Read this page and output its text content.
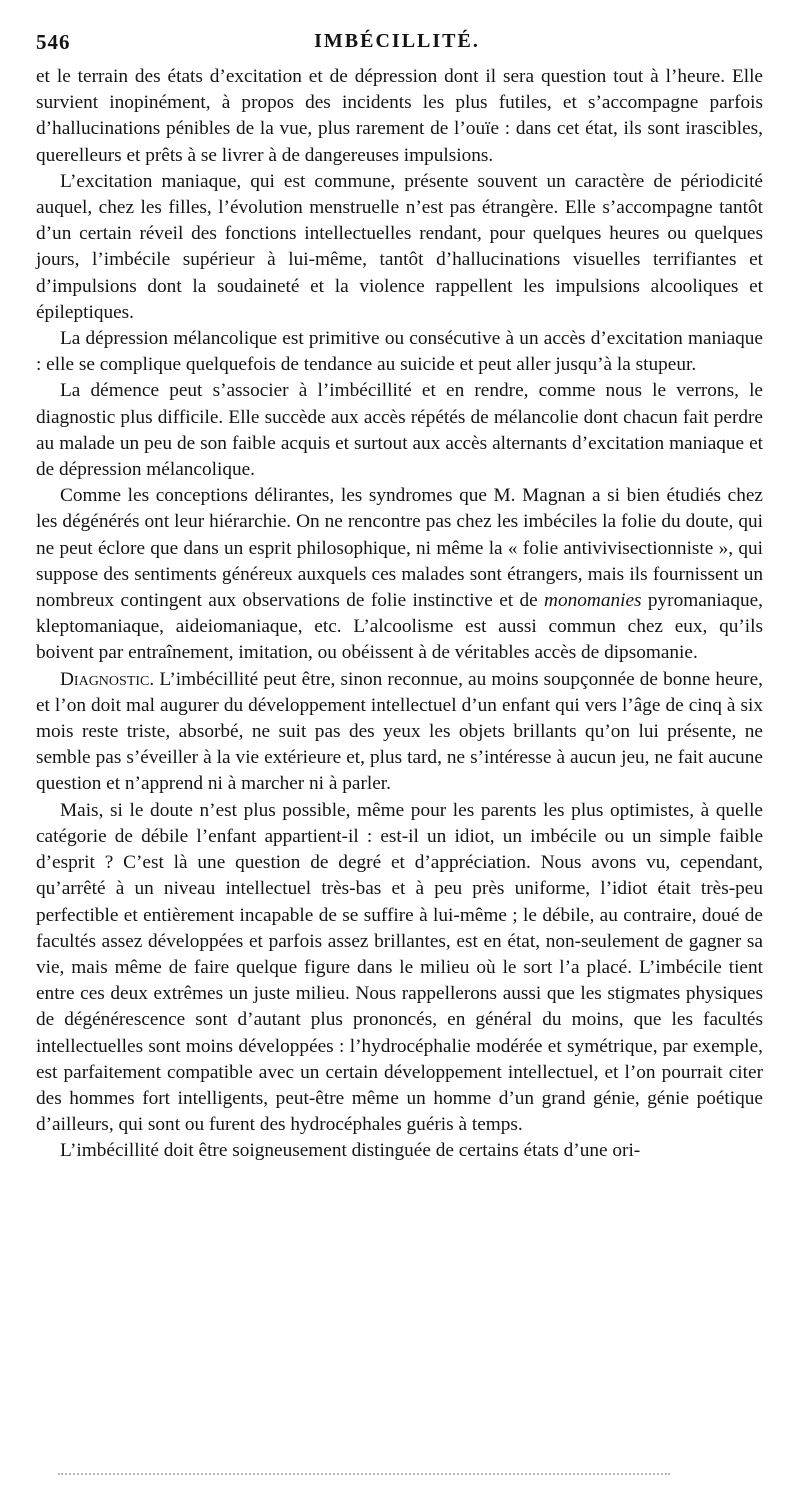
546	IMBÉCILLITÉ.

et le terrain des états d’excitation et de dépression dont il sera question tout à l’heure. Elle survient inopinément, à propos des incidents les plus futiles, et s’accompagne parfois d’hallucinations pénibles de la vue, plus rarement de l’ouïe : dans cet état, ils sont irascibles, querelleurs et prêts à se livrer à de dangereuses impulsions.

L’excitation maniaque, qui est commune, présente souvent un caractère de périodicité auquel, chez les filles, l’évolution menstruelle n’est pas étrangère. Elle s’accompagne tantôt d’un certain réveil des fonctions intellectuelles rendant, pour quelques heures ou quelques jours, l’imbécile supérieur à lui-même, tantôt d’hallucinations visuelles terrifiantes et d’impulsions dont la soudaineté et la violence rappellent les impulsions alcooliques et épileptiques.

La dépression mélancolique est primitive ou consécutive à un accès d’excitation maniaque : elle se complique quelquefois de tendance au suicide et peut aller jusqu’à la stupeur.

La démence peut s’associer à l’imbécillité et en rendre, comme nous le verrons, le diagnostic plus difficile. Elle succède aux accès répétés de mélancolie dont chacun fait perdre au malade un peu de son faible acquis et surtout aux accès alternants d’excitation maniaque et de dépression mélancolique.

Comme les conceptions délirantes, les syndromes que M. Magnan a si bien étudiés chez les dégénérés ont leur hiérarchie. On ne rencontre pas chez les imbéciles la folie du doute, qui ne peut éclore que dans un esprit philosophique, ni même la « folie antivivisectionniste », qui suppose des sentiments généreux auxquels ces malades sont étrangers, mais ils fournissent un nombreux contingent aux observations de folie instinctive et de monomanies pyromaniaque, kleptomaniaque, aideiomaniaque, etc. L’alcoolisme est aussi commun chez eux, qu’ils boivent par entraînement, imitation, ou obéissent à de véritables accès de dipsomanie.

Diagnostic. L’imbécillité peut être, sinon reconnue, au moins soupçonnée de bonne heure, et l’on doit mal augurer du développement intellectuel d’un enfant qui vers l’âge de cinq à six mois reste triste, absorbé, ne suit pas des yeux les objets brillants qu’on lui présente, ne semble pas s’éveiller à la vie extérieure et, plus tard, ne s’intéresse à aucun jeu, ne fait aucune question et n’apprend ni à marcher ni à parler.

Mais, si le doute n’est plus possible, même pour les parents les plus optimistes, à quelle catégorie de débile l’enfant appartient-il : est-il un idiot, un imbécile ou un simple faible d’esprit ? C’est là une question de degré et d’appréciation. Nous avons vu, cependant, qu’arrêté à un niveau intellectuel très-bas et à peu près uniforme, l’idiot était très-peu perfectible et entièrement incapable de se suffire à lui-même ; le débile, au contraire, doué de facultés assez développées et parfois assez brillantes, est en état, non-seulement de gagner sa vie, mais même de faire quelque figure dans le milieu où le sort l’a placé. L’imbécile tient entre ces deux extrêmes un juste milieu. Nous rappellerons aussi que les stigmates physiques de dégénérescence sont d’autant plus prononcés, en général du moins, que les facultés intellectuelles sont moins développées : l’hydrocéphalie modérée et symétrique, par exemple, est parfaitement compatible avec un certain développement intellectuel, et l’on pourrait citer des hommes fort intelligents, peut-être même un homme d’un grand génie, génie poétique d’ailleurs, qui sont ou furent des hydrocéphales guéris à temps.

L’imbécillité doit être soigneusement distinguée de certains états d’une ori-
